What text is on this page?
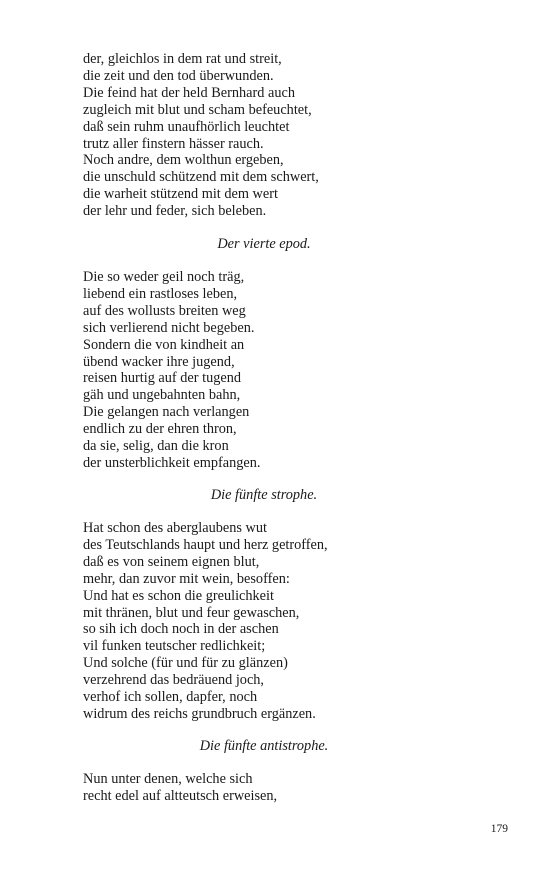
der, gleichlos in dem rat und streit,
die zeit und den tod überwunden.
Die feind hat der held Bernhard auch
zugleich mit blut und scham befeuchtet,
daß sein ruhm unaufhörlich leuchtet
trutz aller finstern hässer rauch.
Noch andre, dem wolthun ergeben,
die unschuld schützend mit dem schwert,
die warheit stützend mit dem wert
der lehr und feder, sich beleben.
Der vierte epod.
Die so weder geil noch träg,
liebend ein rastloses leben,
auf des wollusts breiten weg
sich verlierend nicht begeben.
Sondern die von kindheit an
übend wacker ihre jugend,
reisen hurtig auf der tugend
gäh und ungebahnten bahn,
Die gelangen nach verlangen
endlich zu der ehren thron,
da sie, selig, dan die kron
der unsterblichkeit empfangen.
Die fünfte strophe.
Hat schon des aberglaubens wut
des Teutschlands haupt und herz getroffen,
daß es von seinem eignen blut,
mehr, dan zuvor mit wein, besoffen:
Und hat es schon die greulichkeit
mit thränen, blut und feur gewaschen,
so sih ich doch noch in der aschen
vil funken teutscher redlichkeit;
Und solche (für und für zu glänzen)
verzehrend das bedräuend joch,
verhof ich sollen, dapfer, noch
widrum des reichs grundbruch ergänzen.
Die fünfte antistrophe.
Nun unter denen, welche sich
recht edel auf altteutsch erweisen,
179
